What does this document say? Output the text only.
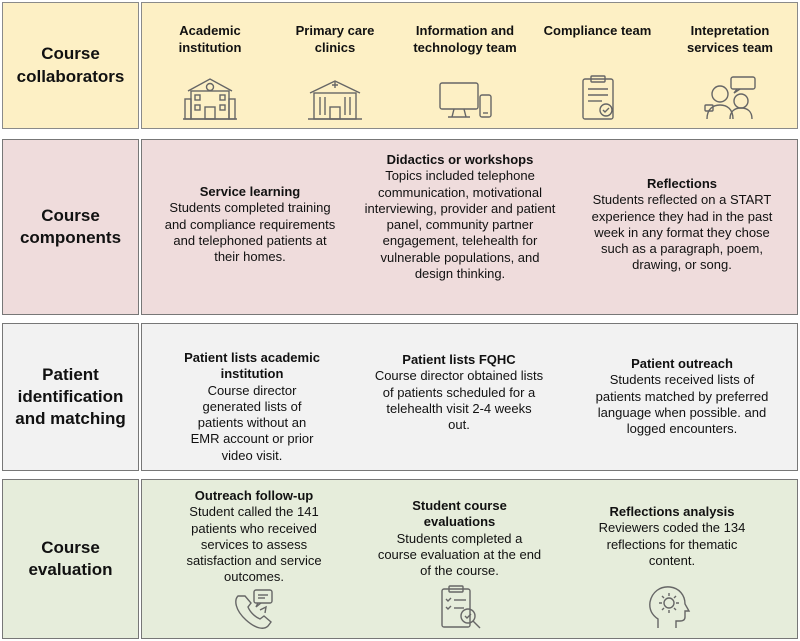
Course collaborators
Academic institution
Primary care clinics
Information and technology team
Compliance team	Intepretation services team
Course components
Service learning
Students completed training and compliance requirements and telephoned patients at their homes.
Didactics or workshops
Topics included telephone communication, motivational interviewing, provider and patient panel, community partner engagement, telehealth for vulnerable populations, and design thinking.
Reflections
Students reflected on a START experience they had in the past week in any format they chose such as a paragraph, poem, drawing, or song.
Patient identification and matching
Patient lists academic institution
Course director generated lists of patients without an EMR account or prior video visit.
Patient lists FQHC
Course director obtained lists of patients scheduled for a telehealth visit 2-4 weeks out.
Patient outreach
Students received lists of patients matched by preferred language when possible. and logged encounters.
Course evaluation
Outreach follow-up
Student called the 141 patients who received services to assess satisfaction and service outcomes.
Student course evaluations
Students completed a course evaluation at the end of the course.
Reflections analysis
Reviewers coded the 134 reflections for thematic content.
